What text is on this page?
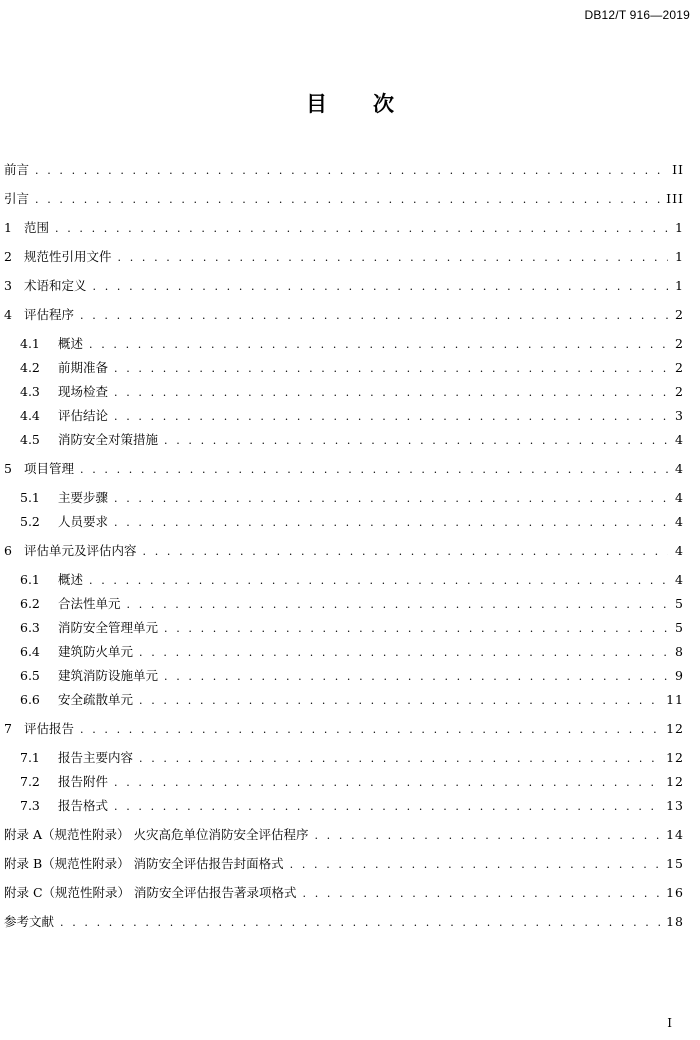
DB12/T 916—2019
目次
前言 . . .	II
引言 . . .	III
1 范围 . . .	1
2 规范性引用文件 . . .	1
3 术语和定义 . . .	1
4 评估程序 . . .	2
4.1	概述 . . .	2
4.2	前期准备 . . .	2
4.3	现场检查 . . .	2
4.4	评估结论 . . .	3
4.5	消防安全对策措施 . . .	4
5 项目管理 . . .	4
5.1	主要步骤 . . .	4
5.2	人员要求 . . .	4
6 评估单元及评估内容 . . .	4
6.1	概述 . . .	4
6.2	合法性单元 . . .	5
6.3	消防安全管理单元 . . .	5
6.4	建筑防火单元 . . .	8
6.5	建筑消防设施单元 . . .	9
6.6	安全疏散单元 . . .	11
7 评估报告 . . .	12
7.1	报告主要内容 . . .	12
7.2	报告附件 . . .	12
7.3	报告格式 . . .	13
附录 A（规范性附录） 火灾高危单位消防安全评估程序 . . .	14
附录 B（规范性附录） 消防安全评估报告封面格式 . . .	15
附录 C（规范性附录） 消防安全评估报告著录项格式 . . .	16
参考文献 . . .	18
I
